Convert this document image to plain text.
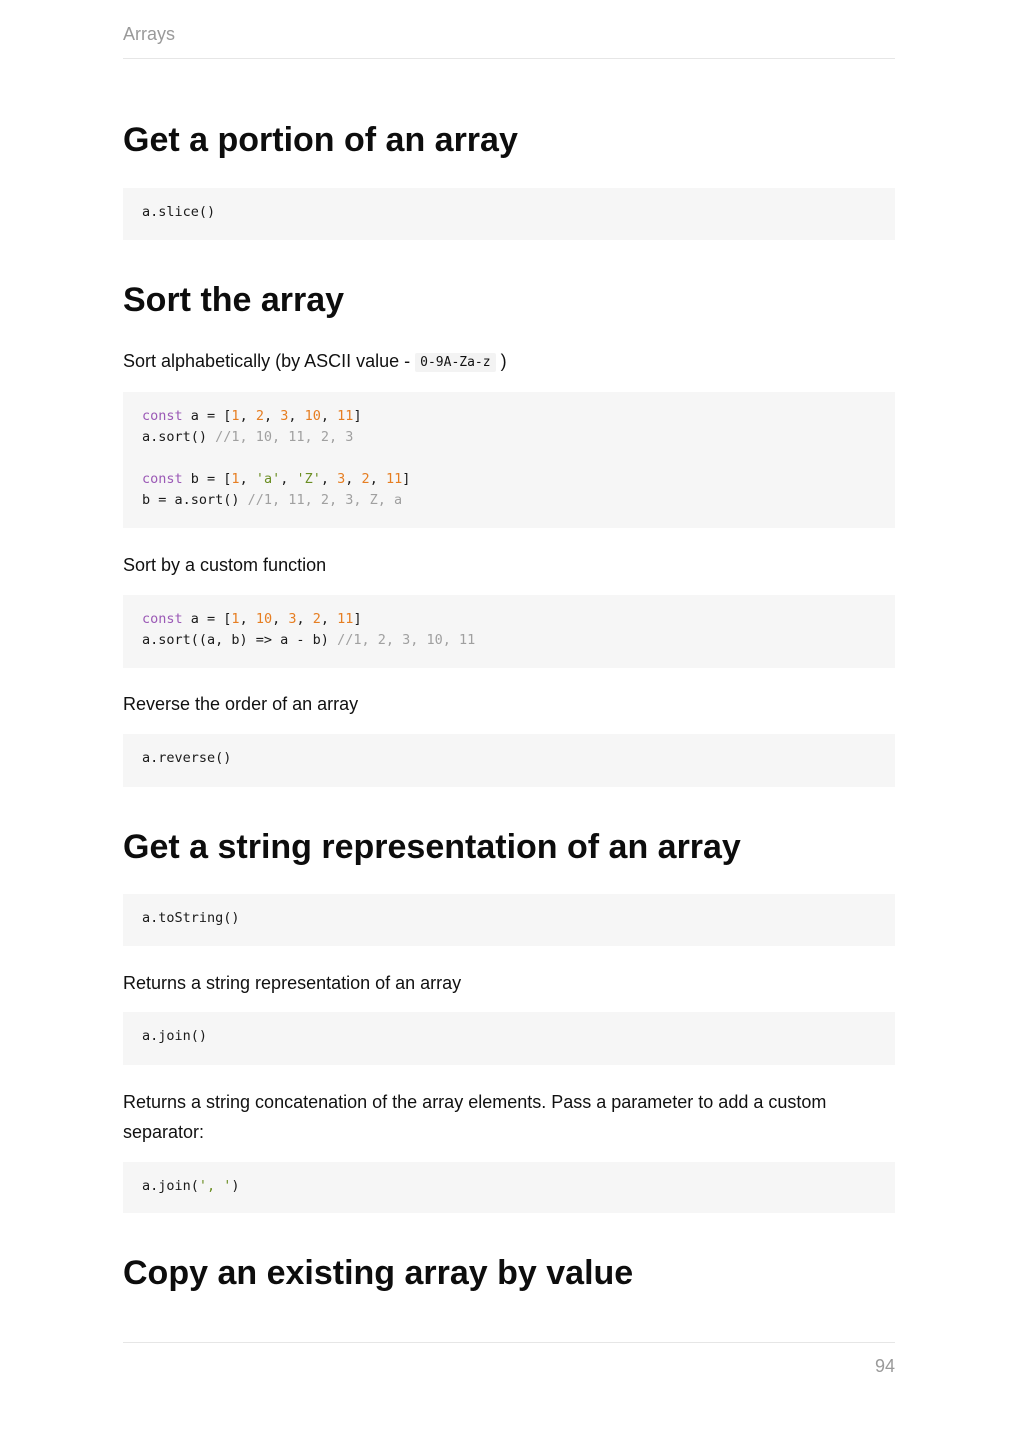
Arrays
Get a portion of an array
a.slice()
Sort the array

Sort alphabetically (by ASCII value - 0-9A-Za-z )

const a = [1, 2, 3, 10, 11]
a.sort() //1, 10, 11, 2, 3
const b = [1, 'a', 'Z', 3, 2, 11]
b = a.sort() //1, 11, 2, 3, Z, a

Sort by a custom function

const a = [1, 10, 3, 2, 11]
a.sort((a, b) => a - b) //1, 2, 3, 10, 11

Reverse the order of an array

a.reverse()
Get a string representation of an array
a.toString()

Returns a string representation of an array

a.join()

Returns a string concatenation of the array elements. Pass a parameter to add a custom separator:

a.join(', ')
Copy an existing array by value
94
